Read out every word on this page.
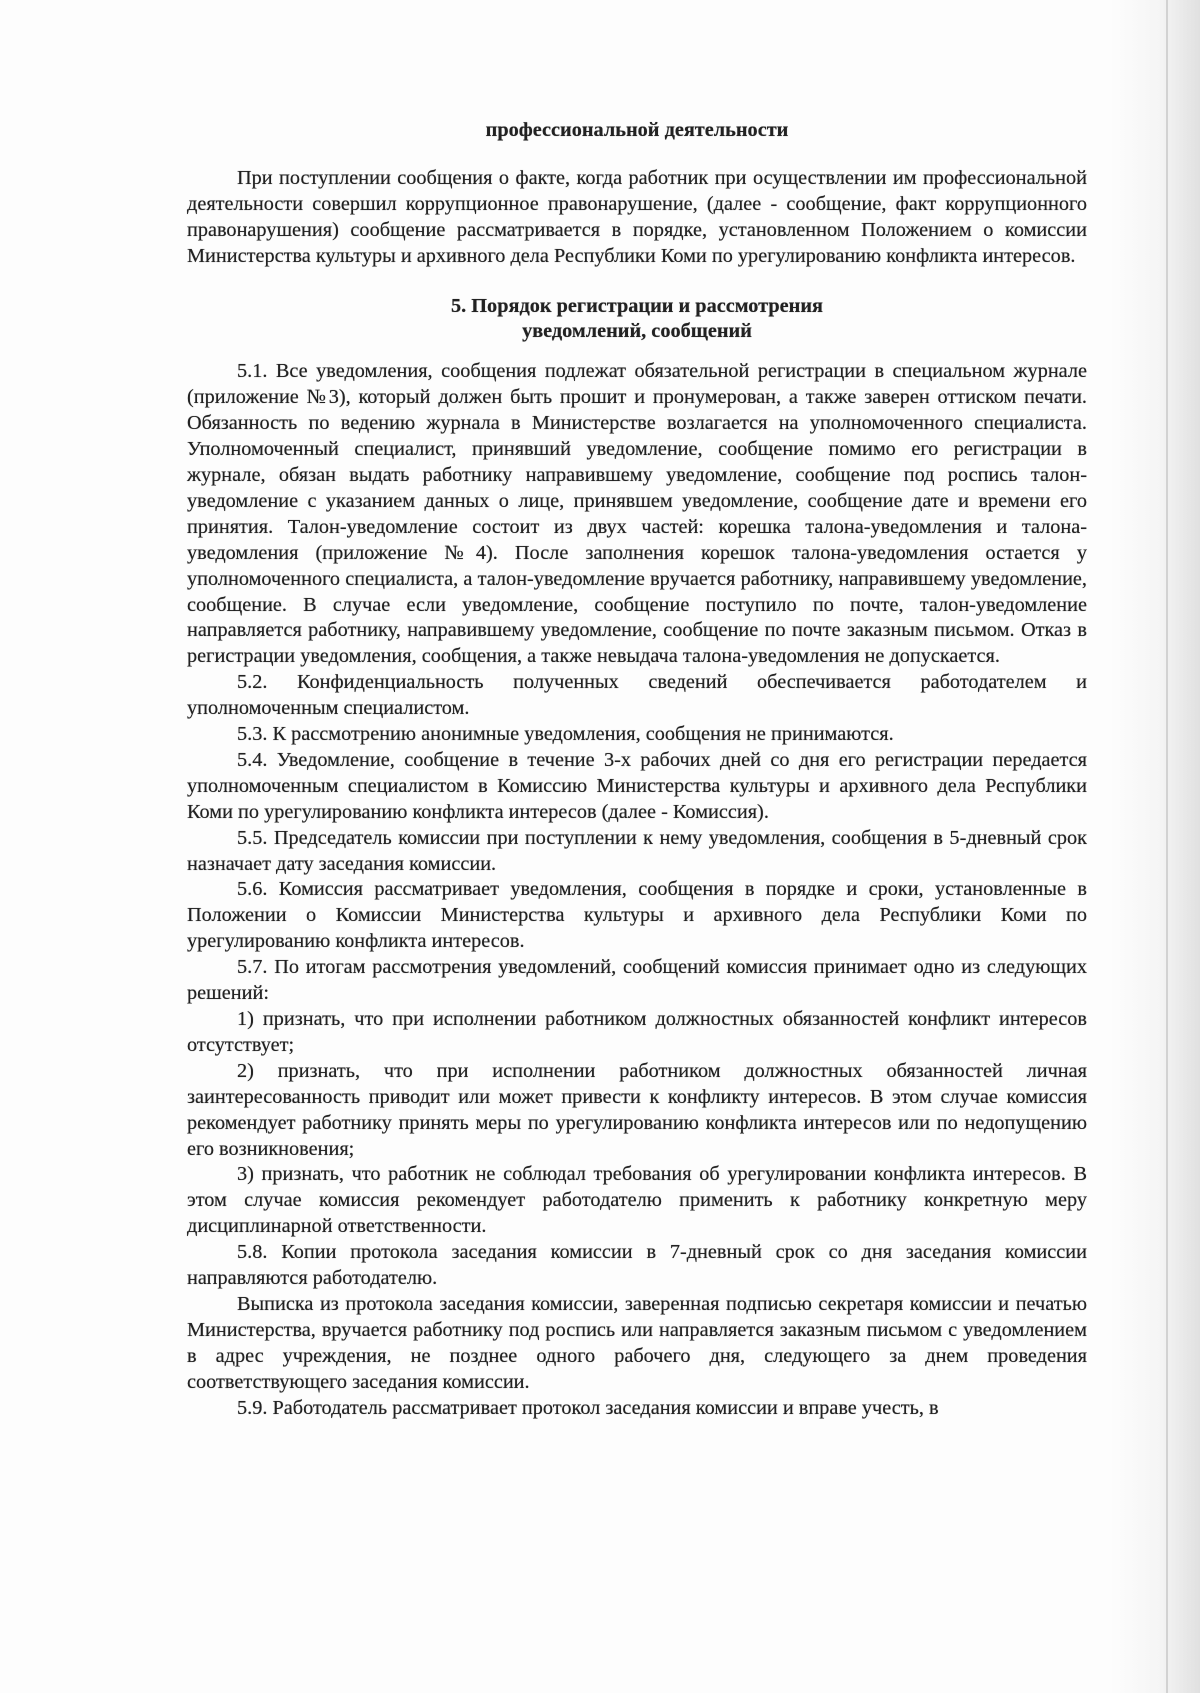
профессиональной деятельности

При поступлении сообщения о факте, когда работник при осуществлении им профессиональной деятельности совершил коррупционное правонарушение, (далее - сообщение, факт коррупционного правонарушения) сообщение рассматривается в порядке, установленном Положением о комиссии Министерства культуры и архивного дела Республики Коми по урегулированию конфликта интересов.

5. Порядок регистрации и рассмотрения
уведомлений, сообщений

5.1. Все уведомления, сообщения подлежат обязательной регистрации в специальном журнале (приложение №3), который должен быть прошит и пронумерован, а также заверен оттиском печати. Обязанность по ведению журнала в Министерстве возлагается на уполномоченного специалиста. Уполномоченный специалист, принявший уведомление, сообщение помимо его регистрации в журнале, обязан выдать работнику направившему уведомление, сообщение под роспись талон-уведомление с указанием данных о лице, принявшем уведомление, сообщение дате и времени его принятия. Талон-уведомление состоит из двух частей: корешка талона-уведомления и талона-уведомления (приложение №4). После заполнения корешок талона-уведомления остается у уполномоченного специалиста, а талон-уведомление вручается работнику, направившему уведомление, сообщение. В случае если уведомление, сообщение поступило по почте, талон-уведомление направляется работнику, направившему уведомление, сообщение по почте заказным письмом. Отказ в регистрации уведомления, сообщения, а также невыдача талона-уведомления не допускается.

5.2. Конфиденциальность полученных сведений обеспечивается работодателем и уполномоченным специалистом.

5.3. К рассмотрению анонимные уведомления, сообщения не принимаются.

5.4. Уведомление, сообщение в течение 3-х рабочих дней со дня его регистрации передается уполномоченным специалистом в Комиссию Министерства культуры и архивного дела Республики Коми по урегулированию конфликта интересов (далее - Комиссия).

5.5. Председатель комиссии при поступлении к нему уведомления, сообщения в 5-дневный срок назначает дату заседания комиссии.

5.6. Комиссия рассматривает уведомления, сообщения в порядке и сроки, установленные в Положении о Комиссии Министерства культуры и архивного дела Республики Коми по урегулированию конфликта интересов.

5.7. По итогам рассмотрения уведомлений, сообщений комиссия принимает одно из следующих решений:

1) признать, что при исполнении работником должностных обязанностей конфликт интересов отсутствует;

2) признать, что при исполнении работником должностных обязанностей личная заинтересованность приводит или может привести к конфликту интересов. В этом случае комиссия рекомендует работнику принять меры по урегулированию конфликта интересов или по недопущению его возникновения;

3) признать, что работник не соблюдал требования об урегулировании конфликта интересов. В этом случае комиссия рекомендует работодателю применить к работнику конкретную меру дисциплинарной ответственности.

5.8. Копии протокола заседания комиссии в 7-дневный срок со дня заседания комиссии направляются работодателю.

Выписка из протокола заседания комиссии, заверенная подписью секретаря комиссии и печатью Министерства, вручается работнику под роспись или направляется заказным письмом с уведомлением в адрес учреждения, не позднее одного рабочего дня, следующего за днем проведения соответствующего заседания комиссии.

5.9. Работодатель рассматривает протокол заседания комиссии и вправе учесть, в
